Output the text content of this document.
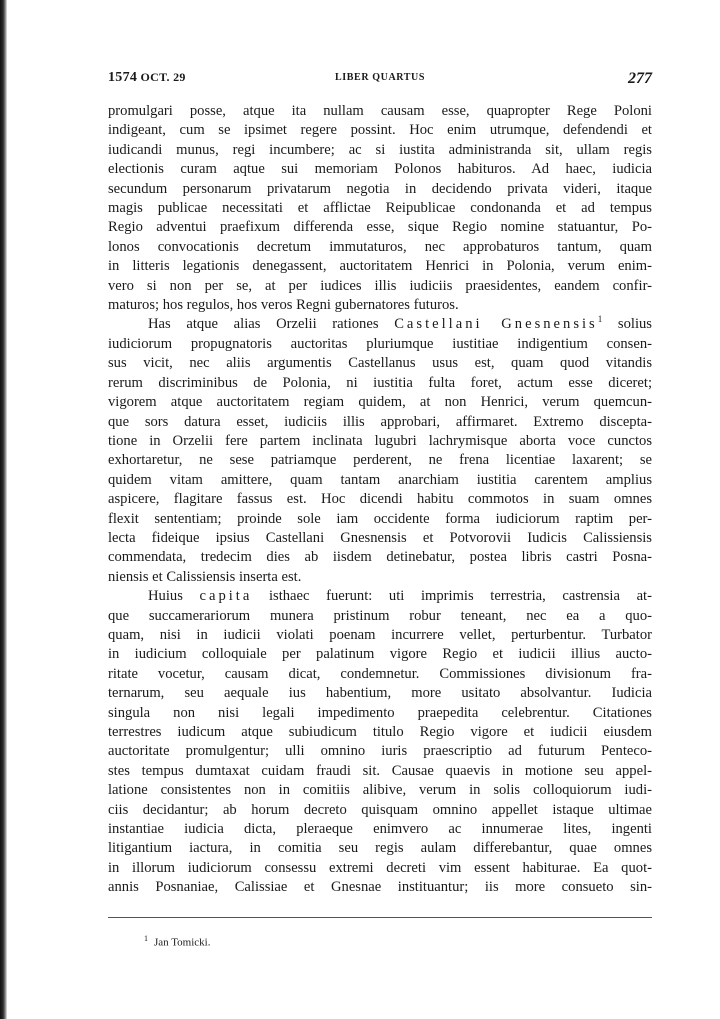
1574 OCT. 29	LIBER QUARTUS	277
promulgari posse, atque ita nullam causam esse, quapropter Rege Poloni
indigeant, cum se ipsimet regere possint. Hoc enim utrumque, defendendi et
iudicandi munus, regi incumbere; ac si iustita administranda sit, ullam regis
electionis curam aqtue sui memoriam Polonos habituros. Ad haec, iudicia
secundum personarum privatarum negotia in decidendo privata videri, itaque
magis publicae necessitati et afflictae Reipublicae condonanda et ad tempus
Regio adventui praefixum differenda esse, sique Regio nomine statuantur, Po-
lonos convocationis decretum immutaturos, nec approbaturos tantum, quam
in litteris legationis denegassent, auctoritatem Henrici in Polonia, verum enim-
vero si non per se, at per iudices illis iudiciis praesidentes, eandem confir-
maturos; hos regulos, hos veros Regni gubernatores futuros.
Has atque alias Orzelii rationes Castellani Gnesnensis$^1$ solius
iudiciorum propugnatoris auctoritas pluriumque iustitiae indigentium consen-
sus vicit, nec aliis argumentis Castellanus usus est, quam quod vitandis
rerum discriminibus de Polonia, ni iustitia fulta foret, actum esse diceret;
vigorem atque auctoritatem regiam quidem, at non Henrici, verum quemcun-
que sors datura esset, iudiciis illis approbari, affirmaret. Extremo discepta-
tione in Orzelii fere partem inclinata lugubri lachrymisque aborta voce cunctos
exhortaretur, ne sese patriamque perderent, ne frena licentiae laxarent; se
quidem vitam amittere, quam tantam anarchiam iustitia carentem amplius
aspicere, flagitare fassus est. Hoc dicendi habitu commotos in suam omnes
flexit sententiam; proinde sole iam occidente forma iudiciorum raptim per-
lecta fideique ipsius Castellani Gnesnensis et Potvorovii Iudicis Calissiensis
commendata, tredecim dies ab iisdem detinebatur, postea libris castri Posna-
niensis et Calissiensis inserta est.
Huius capita isthaec fuerunt: uti imprimis terrestria, castrensia at-
que succamerariorum munera pristinum robur teneant, nec ea a quo-
quam, nisi in iudicii violati poenam incurrere vellet, perturbentur. Turbator
in iudicium colloquiale per palatinum vigore Regio et iudicii illius aucto-
ritate vocetur, causam dicat, condemnetur. Commissiones divisionum fra-
ternarum, seu aequale ius habentium, more usitato absolvantur. Iudicia
singula non nisi legali impedimento praepedita celebrentur. Citationes
terrestres iudicum atque subiudicum titulo Regio vigore et iudicii eiusdem
auctoritate promulgentur; ulli omnino iuris praescriptio ad futurum Penteco-
stes tempus dumtaxat cuidam fraudi sit. Causae quaevis in motione seu appel-
latione consistentes non in comitiis alibive, verum in solis colloquiorum iudi-
ciis decidantur; ab horum decreto quisquam omnino appellet istaque ultimae
instantiae iudicia dicta, pleraeque enimvero ac innumerae lites, ingenti
litigantium iactura, in comitia seu regis aulam differebantur, quae omnes
in illorum iudiciorum consessu extremi decreti vim essent habiturae. Ea quot-
annis Posnaniae, Calissiae et Gnesnae instituantur; iis more consueto sin-
$^1$ Jan Tomicki.
